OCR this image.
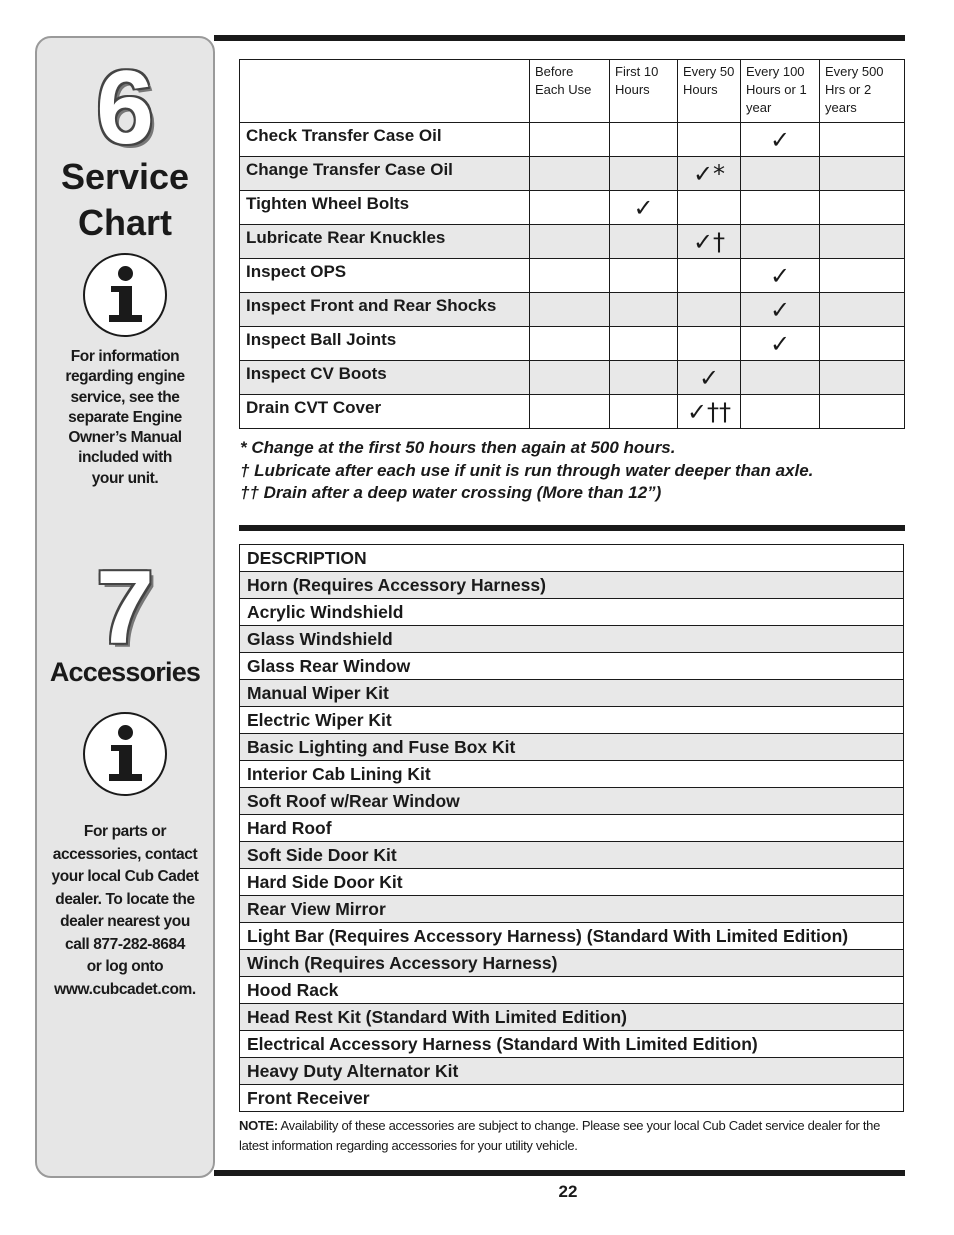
6
Service
Chart
For information
regarding engine
service, see the
separate Engine
Owner’s Manual
included with
your unit.
7
Accessories
For parts or
accessories, contact
your local Cub Cadet
dealer. To locate the
dealer nearest you
call 877-282-8684
or log onto
www.cubcadet.com.
	Before Each Use	First 10 Hours	Every 50 Hours	Every 100 Hours or 1 year	Every 500 Hrs or 2 years
Check Transfer Case Oil				✓	
Change Transfer Case Oil			✓*		
Tighten Wheel Bolts		✓			
Lubricate Rear Knuckles			✓†		
Inspect OPS				✓	
Inspect Front and Rear Shocks				✓	
Inspect Ball Joints				✓	
Inspect CV Boots			✓		
Drain CVT Cover			✓††		
* Change at the first 50 hours then again at 500 hours.
† Lubricate after each use if unit is run through water deeper than axle.
†† Drain after a deep water crossing (More than 12”)
DESCRIPTION
Horn (Requires Accessory Harness)
Acrylic Windshield
Glass Windshield
Glass Rear Window
Manual Wiper Kit
Electric Wiper Kit
Basic Lighting and Fuse Box Kit
Interior Cab Lining Kit
Soft Roof w/Rear Window
Hard Roof
Soft Side Door Kit
Hard Side Door Kit
Rear View Mirror
Light Bar (Requires Accessory Harness) (Standard With Limited Edition)
Winch (Requires Accessory Harness)
Hood Rack
Head Rest Kit (Standard With Limited Edition)
Electrical Accessory Harness (Standard With Limited Edition)
Heavy Duty Alternator Kit
Front Receiver
NOTE: Availability of these accessories are subject to change. Please see your local Cub Cadet service dealer for the latest information regarding accessories for your utility vehicle.
22
